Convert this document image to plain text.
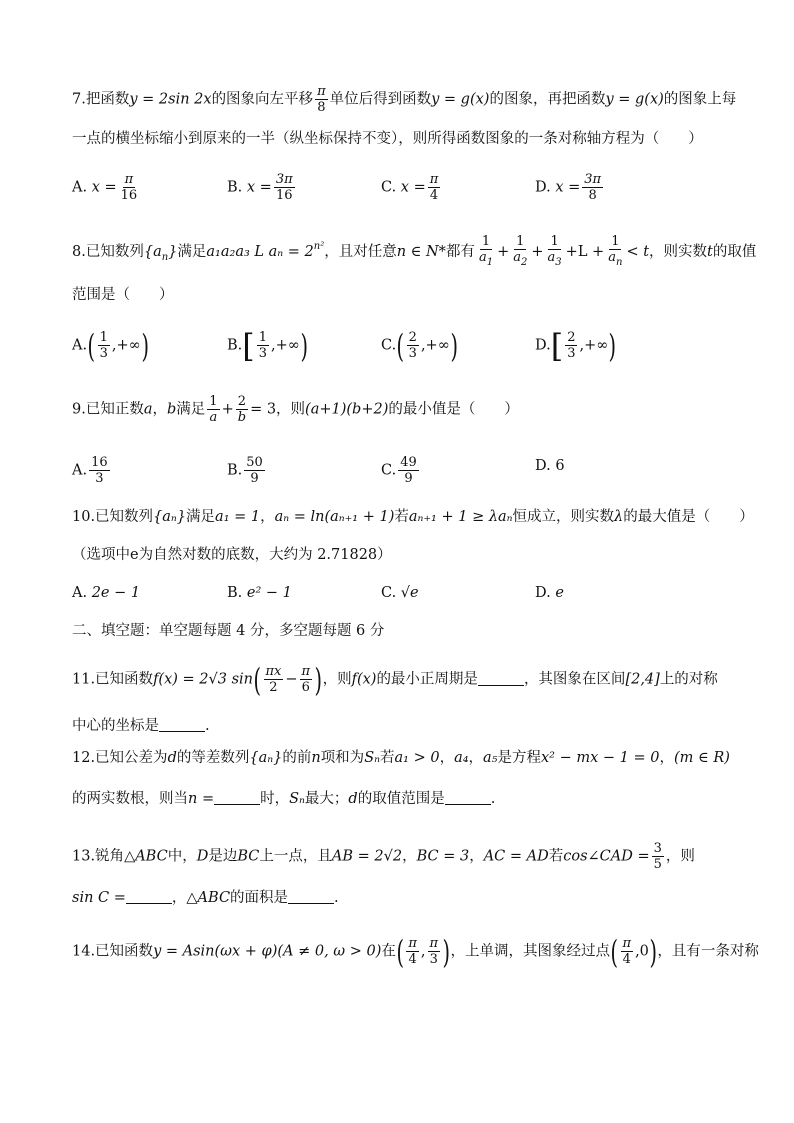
7.把函数y = 2sin 2x的图象向左平移 $\frac{\pi}{8}$ 单位后得到函数y = g(x)的图象，再把函数y = g(x)的图象上每
一点的横坐标缩小到原来的一半（纵坐标保持不变），则所得函数图象的一条对称轴方程为（　　）
A. $x = \frac{\pi}{16}$	B. $x = \frac{3\pi}{16}$	C. $x = \frac{\pi}{4}$	D. $x = \frac{3\pi}{8}$
8.已知数列$\{a_n\}$满足a₁a₂a₃ L $a_n = 2^{n^2}$，且对任意n ∈ N*都有 $\frac{1}{a_1} + \frac{1}{a_2} + \frac{1}{a_3} +L + \frac{1}{a_n} < t$，则实数t的取值
范围是（　　）
$A.( \frac{1}{3}$ ,+∞)	$B.[ \frac{1}{3}$ ,+∞)	$C.( \frac{2}{3}$ ,+∞)	$D.[ \frac{2}{3}$ ,+∞)
9.已知正数a，b满足 $\frac{1}{a} + \frac{2}{b} = 3$，则(a+1)(b+2)的最小值是（　　）
A. $\frac{16}{3}$	B. $\frac{50}{9}$	C. $\frac{49}{9}$	D. 6
10.已知数列{aₙ}满足a₁ = 1，aₙ = ln(aₙ₊₁ + 1)若aₙ₊₁ + 1 ≥ λaₙ恒成立，则实数λ的最大值是（　　）
（选项中e为自然对数的底数，大约为 2.71828）
A. 2e − 1	B. e² − 1	C. √e	D. e
二、填空题：单空题每题 4 分，多空题每题 6 分
11.已知函数f(x) = 2√3 $\sin( \frac{\pi x}{2} - \frac{\pi}{6}$ )，则f(x)的最小正周期是	，其图象在区间[2,4]上的对称
中心的坐标是	.
12.已知公差为d的等差数列{aₙ}的前n项和为Sₙ若a₁ > 0，a₄，a₅是方程x² − mx − 1 = 0，(m ∈ R)
的两实数根，则当n =	时，Sₙ最大；d的取值范围是	.
13.锐角△ABC中，D是边BC上一点，且AB = 2√2，BC = 3，AC = AD若cos∠CAD = $\frac{3}{5}$ ，则
sin C =	，△ABC的面积是	.
14.已知函数y = Asin(ωx + φ)(A ≠ 0, ω > 0)在( $\frac{\pi}{4}$ , $\frac{\pi}{3}$ )，上单调，其图象经过点( $\frac{\pi}{4} ,0$)，且有一条对称
